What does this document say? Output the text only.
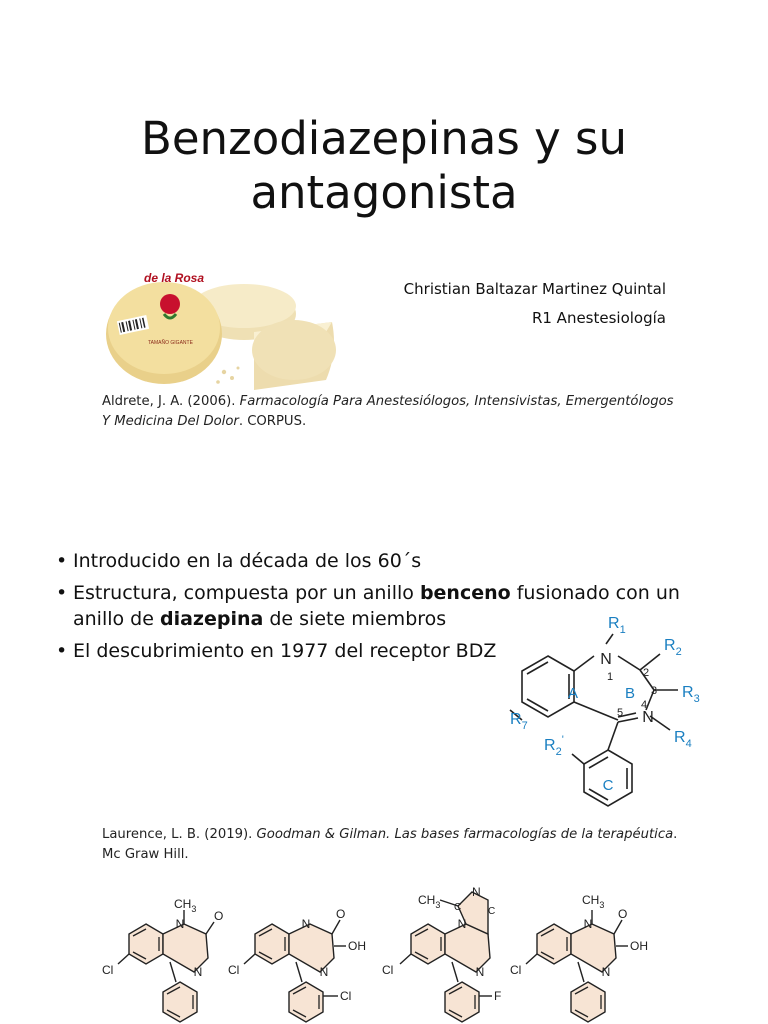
Benzodiazepinas y su
antagonista
de la Rosa
TAMAÑO GIGANTE
Christian Baltazar Martinez Quintal
R1 Anestesiología
Aldrete, J. A. (2006). Farmacología Para Anestesiólogos, Intensivistas, Emergentólogos Y Medicina Del Dolor. CORPUS.
• Introducido en la década de los 60´s
• Estructura, compuesta por un anillo benceno fusionado con un anillo de diazepina de siete miembros
• El descubrimiento en 1977 del receptor BDZ	N
N
$R_1$
$R_2$
$R_3$
$R_4$
$R_7$
$R_2'$
A	B
C
1	2
3
4
5
Laurence, L. B. (2019). Goodman & Gilman. Las bases farmacologías de la terapéutica. Mc Graw Hill.
N
N
O
$CH_3$
Cl
N
N
O
OH
Cl
Cl
N
N
N
C	C
$CH_3$
Cl
F
N
N
O
OH
$CH_3$
Cl
